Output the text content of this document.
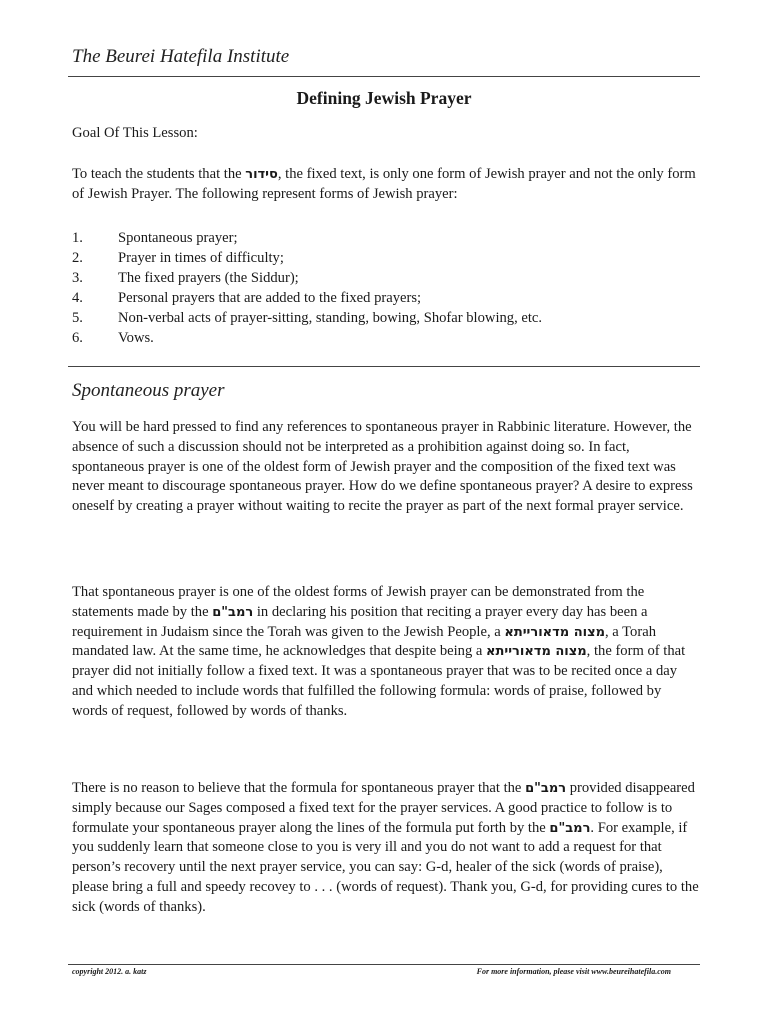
The Beurei Hatefila Institute
Defining Jewish Prayer
Goal Of This Lesson:
To teach the students that the סידור, the fixed text, is only one form of Jewish prayer and not the only form of Jewish Prayer. The following represent forms of Jewish prayer:
1.	Spontaneous prayer;
2.	Prayer in times of difficulty;
3.	The fixed prayers (the Siddur);
4.	Personal prayers that are added to the fixed prayers;
5.	Non-verbal acts of prayer-sitting, standing, bowing, Shofar blowing, etc.
6.	Vows.
Spontaneous prayer

You will be hard pressed to find any references to spontaneous prayer in Rabbinic literature. However, the absence of such a discussion should not be interpreted as a prohibition against doing so. In fact, spontaneous prayer is one of the oldest form of Jewish prayer and the composition of the fixed text was never meant to discourage spontaneous prayer. How do we define spontaneous prayer? A desire to express oneself by creating a prayer without waiting to recite the prayer as part of the next formal prayer service.

That spontaneous prayer is one of the oldest forms of Jewish prayer can be demonstrated from the statements made by the רמב"ם in declaring his position that reciting a prayer every day has been a requirement in Judaism since the Torah was given to the Jewish People, a מצוה מדאורייתא, a Torah mandated law. At the same time, he acknowledges that despite being a מצוה מדאורייתא, the form of that prayer did not initially follow a fixed text. It was a spontaneous prayer that was to be recited once a day and which needed to include words that fulfilled the following formula: words of praise, followed by words of request, followed by words of thanks.

There is no reason to believe that the formula for spontaneous prayer that the רמב"ם provided disappeared simply because our Sages composed a fixed text for the prayer services. A good practice to follow is to formulate your spontaneous prayer along the lines of the formula put forth by the רמב"ם. For example, if you suddenly learn that someone close to you is very ill and you do not want to add a request for that person’s recovery until the next prayer service, you can say: G-d, healer of the sick (words of praise), please bring a full and speedy recovey to . . . (words of request). Thank you, G-d, for providing cures to the sick (words of thanks).

copyright 2012. a. katz	For more information, please visit www.beureihatefila.com
